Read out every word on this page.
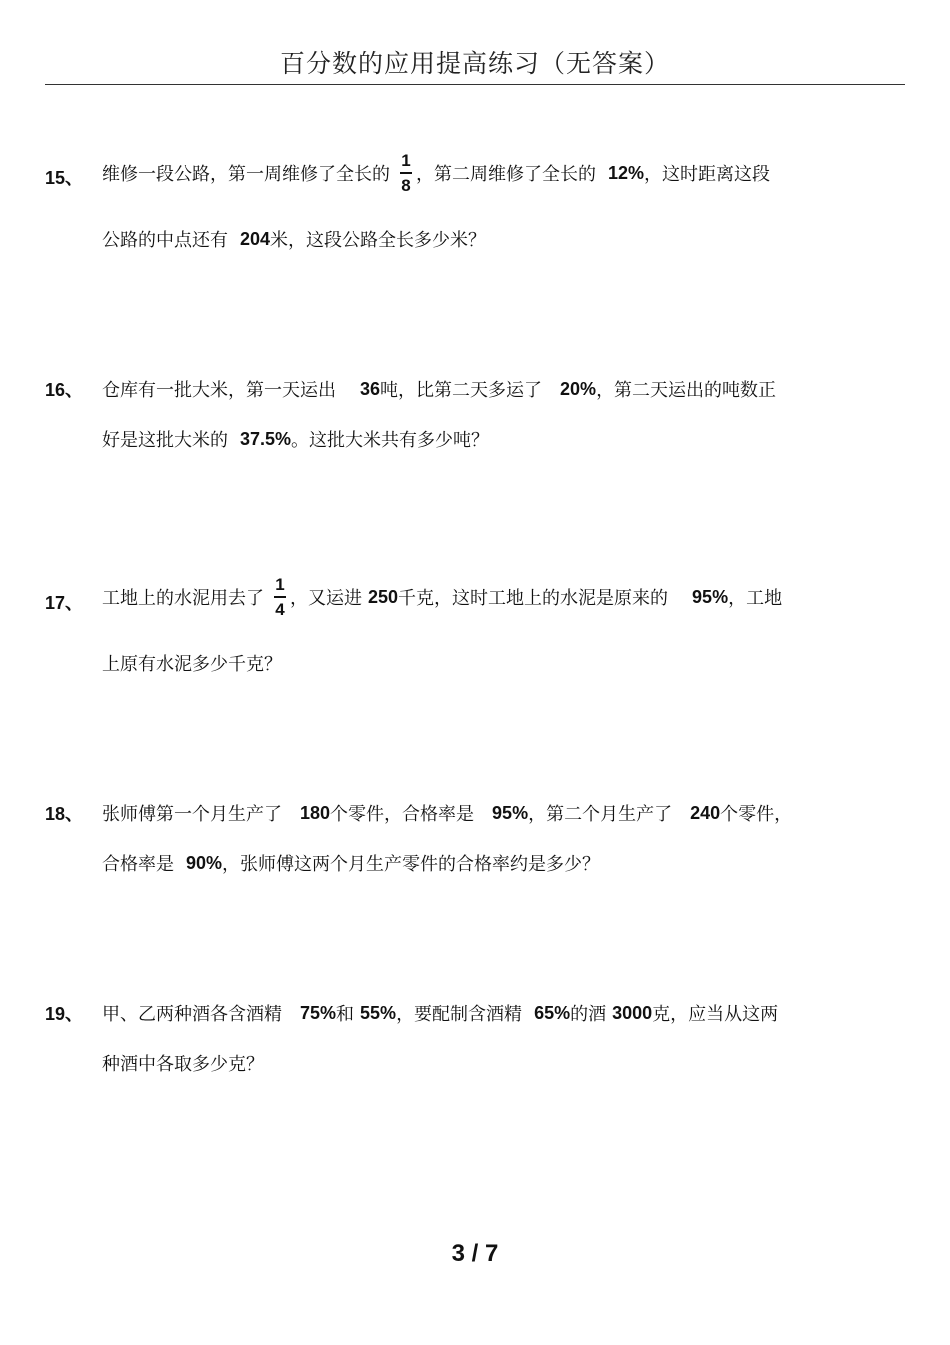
百分数的应用提高练习（无答案）
15、 维修一段公路，第一周维修了全长的 $\frac{1}{8}$ ，第二周维修了全长的 12% ，这时距离这段
公路的中点还有 204 米，这段公路全长多少米？
16、 仓库有一批大米，第一天运出 36 吨，比第二天多运了 20% ，第二天运出的吨数正
好是这批大米的 37.5% 。这批大米共有多少吨？
17、 工地上的水泥用去了 $\frac{1}{4}$ ，又运进 250 千克，这时工地上的水泥是原来的 95% ，工地
上原有水泥多少千克？
18、 张师傅第一个月生产了 180 个零件，合格率是 95% ，第二个月生产了 240 个零件，
合格率是 90% ，张师傅这两个月生产零件的合格率约是多少？
19、 甲、乙两种酒各含酒精 75% 和 55% ，要配制含酒精 65% 的酒 3000 克，应当从这两
种酒中各取多少克？
3 / 7
